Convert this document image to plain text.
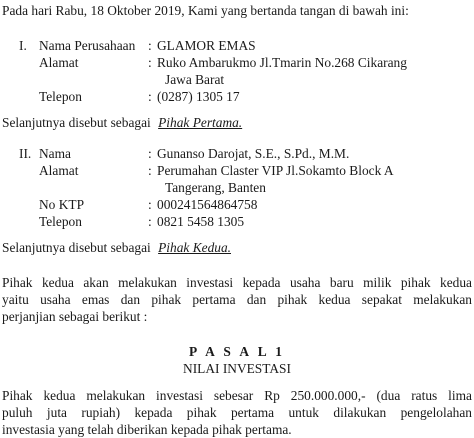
Pada hari Rabu, 18 Oktober 2019, Kami yang bertanda tangan di bawah ini:
I. Nama Perusahaan : GLAMOR EMAS
Alamat	: Ruko Ambarukmo Jl.Tmarin No.268 Cikarang
Jawa Barat
Telepon	: (0287) 1305 17
Selanjutnya disebut sebagai Pihak Pertama.
II. Nama	: Gunanso Darojat, S.E., S.Pd., M.M.
Alamat	: Perumahan Claster VIP Jl.Sokamto Block A
Tangerang, Banten
No KTP	: 000241564864758
Telepon	: 0821 5458 1305
Selanjutnya disebut sebagai Pihak Kedua.
Pihak kedua akan melakukan investasi kepada usaha baru milik pihak kedua
yaitu usaha emas dan pihak pertama dan pihak kedua sepakat melakukan
perjanjian sebagai berikut :
P A S A L 1
NILAI INVESTASI
Pihak kedua melakukan investasi sebesar Rp 250.000.000,- (dua ratus lima
puluh juta rupiah) kepada pihak pertama untuk dilakukan pengelolahan
investasia yang telah diberikan kepada pihak pertama.
